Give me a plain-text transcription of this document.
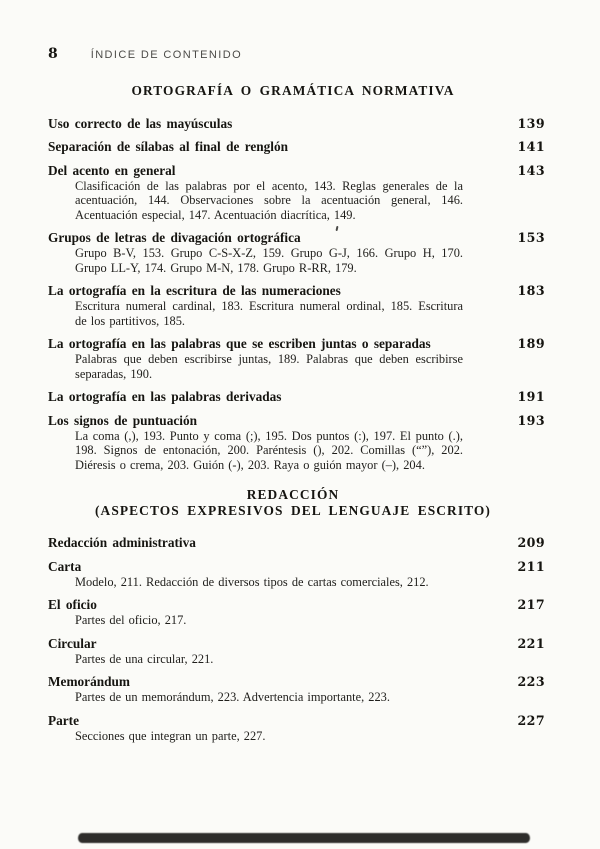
8	ÍNDICE DE CONTENIDO
ORTOGRAFÍA O GRAMÁTICA NORMATIVA
Uso correcto de las mayúsculas	139
Separación de sílabas al final de renglón	141
Del acento en general	143

Clasificación de las palabras por el acento, 143. Reglas generales de la acentuación, 144. Observaciones sobre la acentuación general, 146. Acentuación especial, 147. Acentuación diacrítica, 149.

Grupos de letras de divagación ortográfica	153

Grupo B-V, 153. Grupo C-S-X-Z, 159. Grupo G-J, 166. Grupo H, 170. Grupo LL-Y, 174. Grupo M-N, 178. Grupo R-RR, 179.

La ortografía en la escritura de las numeraciones	183

Escritura numeral cardinal, 183. Escritura numeral ordinal, 185. Escritura de los partitivos, 185.

La ortografía en las palabras que se escriben juntas o separadas	189

Palabras que deben escribirse juntas, 189. Palabras que deben escribirse separadas, 190.

La ortografía en las palabras derivadas	191
Los signos de puntuación	193

La coma (,), 193. Punto y coma (;), 195. Dos puntos (:), 197. El punto (.), 198. Signos de entonación, 200. Paréntesis (), 202. Comillas (“”), 202. Diéresis o crema, 203. Guión (-), 203. Raya o guión mayor (–), 204.

REDACCIÓN
(ASPECTOS EXPRESIVOS DEL LENGUAJE ESCRITO)
Redacción administrativa	209
Carta	211

Modelo, 211. Redacción de diversos tipos de cartas comerciales, 212.

El oficio	217

Partes del oficio, 217.

Circular	221

Partes de una circular, 221.

Memorándum	223

Partes de un memorándum, 223. Advertencia importante, 223.

Parte	227

Secciones que integran un parte, 227.
